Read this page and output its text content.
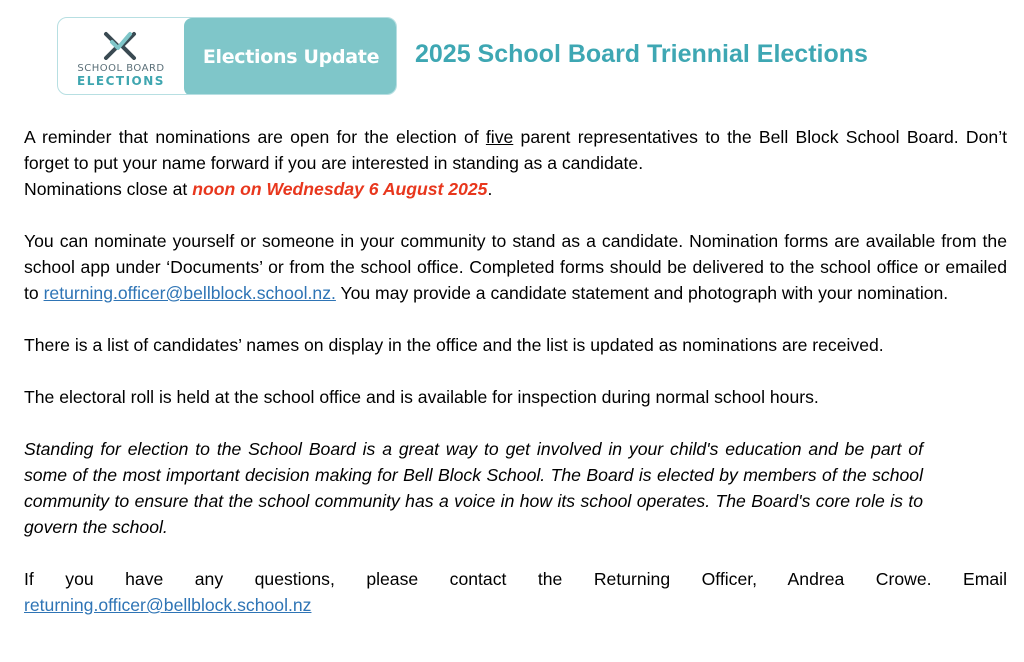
SCHOOL BOARD
ELECTIONS
Elections Update 2025 School Board Triennial Elections

A reminder that nominations are open for the election of five parent representatives to the Bell Block School Board. Don’t forget to put your name forward if you are interested in standing as a candidate.

Nominations close at noon on Wednesday 6 August 2025.

You can nominate yourself or someone in your community to stand as a candidate. Nomination forms are available from the school app under ‘Documents’ or from the school office. Completed forms should be delivered to the school office or emailed to returning.officer@bellblock.school.nz. You may provide a candidate statement and photograph with your nomination.

There is a list of candidates’ names on display in the office and the list is updated as nominations are received.

The electoral roll is held at the school office and is available for inspection during normal school hours.

Standing for election to the School Board is a great way to get involved in your child's education and be part of some of the most important decision making for Bell Block School. The Board is elected by members of the school community to ensure that the school community has a voice in how its school operates. The Board's core role is to govern the school.

If you have any questions, please contact the Returning Officer, Andrea Crowe. Email

returning.officer@bellblock.school.nz
